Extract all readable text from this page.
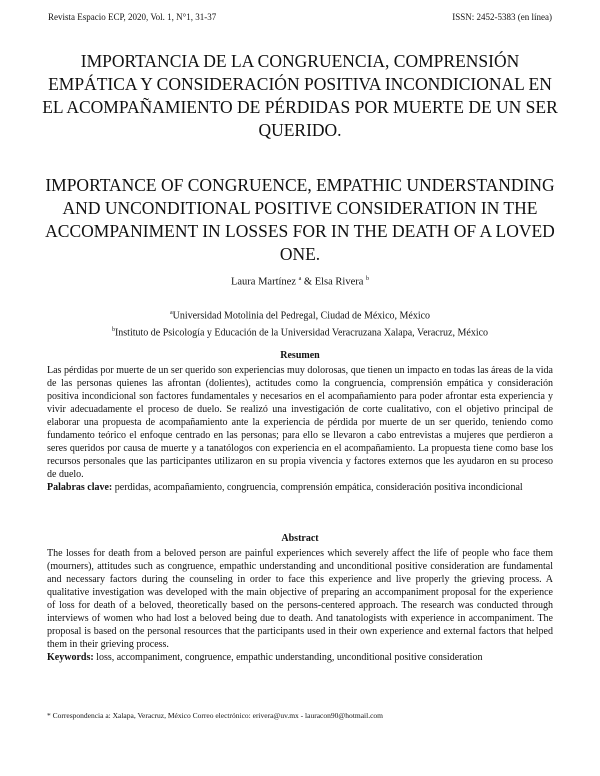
Revista Espacio ECP, 2020, Vol. 1, N°1, 31-37	ISSN: 2452-5383 (en línea)
IMPORTANCIA DE LA CONGRUENCIA, COMPRENSIÓN EMPÁTICA Y CONSIDERACIÓN POSITIVA INCONDICIONAL EN EL ACOMPAÑAMIENTO DE PÉRDIDAS POR MUERTE DE UN SER QUERIDO.
IMPORTANCE OF CONGRUENCE, EMPATHIC UNDERSTANDING AND UNCONDITIONAL POSITIVE CONSIDERATION IN THE ACCOMPANIMENT IN LOSSES FOR IN THE DEATH OF A LOVED ONE.
Laura Martínez $^a$ & Elsa Rivera $^b$
$^a$Universidad Motolinia del Pedregal, Ciudad de México, México
$^b$Instituto de Psicología y Educación de la Universidad Veracruzana Xalapa, Veracruz, México
Resumen
Las pérdidas por muerte de un ser querido son experiencias muy dolorosas, que tienen un impacto en todas las áreas de la vida de las personas quienes las afrontan (dolientes), actitudes como la congruencia, comprensión empática y consideración positiva incondicional son factores fundamentales y necesarios en el acompañamiento para poder afrontar esta experiencia y vivir adecuadamente el proceso de duelo. Se realizó una investigación de corte cualitativo, con el objetivo principal de elaborar una propuesta de acompañamiento ante la experiencia de pérdida por muerte de un ser querido, teniendo como fundamento teórico el enfoque centrado en las personas; para ello se llevaron a cabo entrevistas a mujeres que perdieron a seres queridos por causa de muerte y a tanatólogos con experiencia en el acompañamiento. La propuesta tiene como base los recursos personales que las participantes utilizaron en su propia vivencia y factores externos que les ayudaron en su proceso de duelo.
Palabras clave: perdidas, acompañamiento, congruencia, comprensión empática, consideración positiva incondicional
Abstract
The losses for death from a beloved person are painful experiences which severely affect the life of people who face them (mourners), attitudes such as congruence, empathic understanding and unconditional positive consideration are fundamental and necessary factors during the counseling in order to face this experience and live properly the grieving process. A qualitative investigation was developed with the main objective of preparing an accompaniment proposal for the experience of loss for death of a beloved, theoretically based on the persons-centered approach. The research was conducted through interviews of women who had lost a beloved being due to death. And tanatologists with experience in accompaniment. The proposal is based on the personal resources that the participants used in their own experience and external factors that helped them in their grieving process.
Keywords: loss, accompaniment, congruence, empathic understanding, unconditional positive consideration
* Correspondencia a: Xalapa, Veracruz, México Correo electrónico: erivera@uv.mx - lauracon90@hotmail.com
